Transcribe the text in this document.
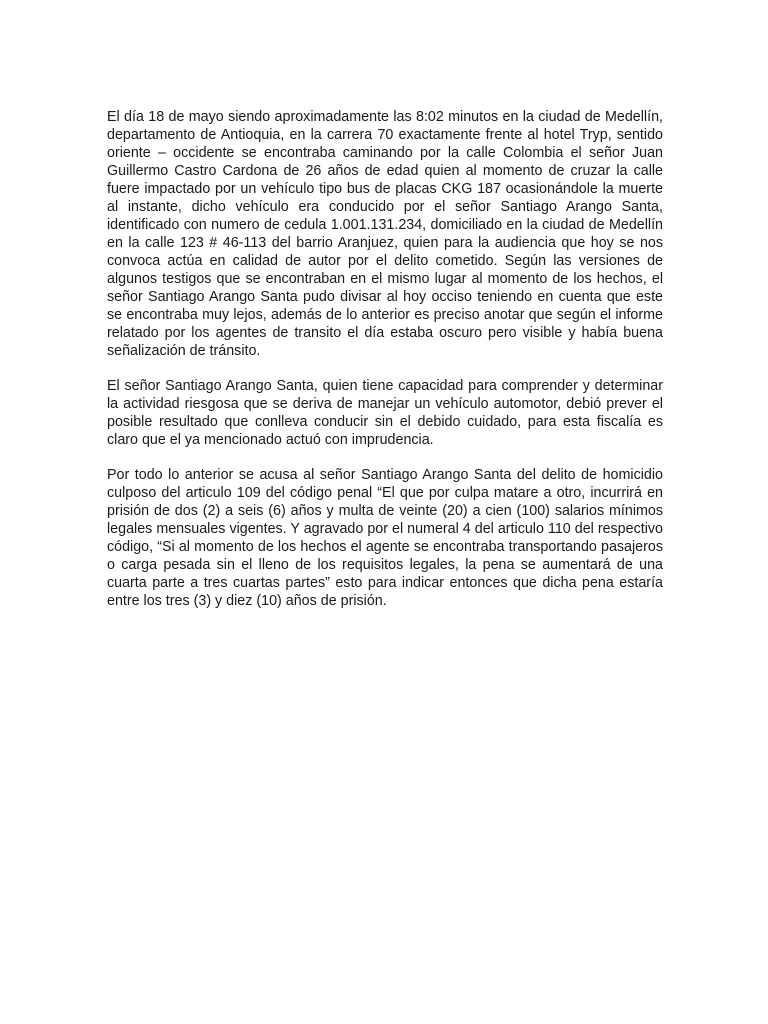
El día 18 de mayo siendo aproximadamente las 8:02 minutos en la ciudad de Medellín, departamento de Antioquia, en la carrera 70 exactamente frente al hotel Tryp, sentido oriente – occidente se encontraba caminando por la calle Colombia el señor Juan Guillermo Castro Cardona de 26 años de edad quien al momento de cruzar la calle fuere impactado por un vehículo tipo bus de placas CKG 187 ocasionándole la muerte al instante, dicho vehículo era conducido por el señor Santiago Arango Santa, identificado con numero de cedula 1.001.131.234, domiciliado en la ciudad de Medellín en la calle 123 # 46-113 del barrio Aranjuez, quien para la audiencia que hoy se nos convoca actúa en calidad de autor por el delito cometido. Según las versiones de algunos testigos que se encontraban en el mismo lugar al momento de los hechos, el señor Santiago Arango Santa pudo divisar al hoy occiso teniendo en cuenta que este se encontraba muy lejos, además de lo anterior es preciso anotar que según el informe relatado por los agentes de transito el día estaba oscuro pero visible y había buena señalización de tránsito.

El señor Santiago Arango Santa, quien tiene capacidad para comprender y determinar la actividad riesgosa que se deriva de manejar un vehículo automotor, debió prever el posible resultado que conlleva conducir sin el debido cuidado, para esta fiscalía es claro que el ya mencionado actuó con imprudencia.

Por todo lo anterior se acusa al señor Santiago Arango Santa del delito de homicidio culposo del articulo 109 del código penal “El que por culpa matare a otro, incurrirá en prisión de dos (2) a seis (6) años y multa de veinte (20) a cien (100) salarios mínimos legales mensuales vigentes. Y agravado por el numeral 4 del articulo 110 del respectivo código, “Si al momento de los hechos el agente se encontraba transportando pasajeros o carga pesada sin el lleno de los requisitos legales, la pena se aumentará de una cuarta parte a tres cuartas partes” esto para indicar entonces que dicha pena estaría entre los tres (3) y diez (10) años de prisión.
